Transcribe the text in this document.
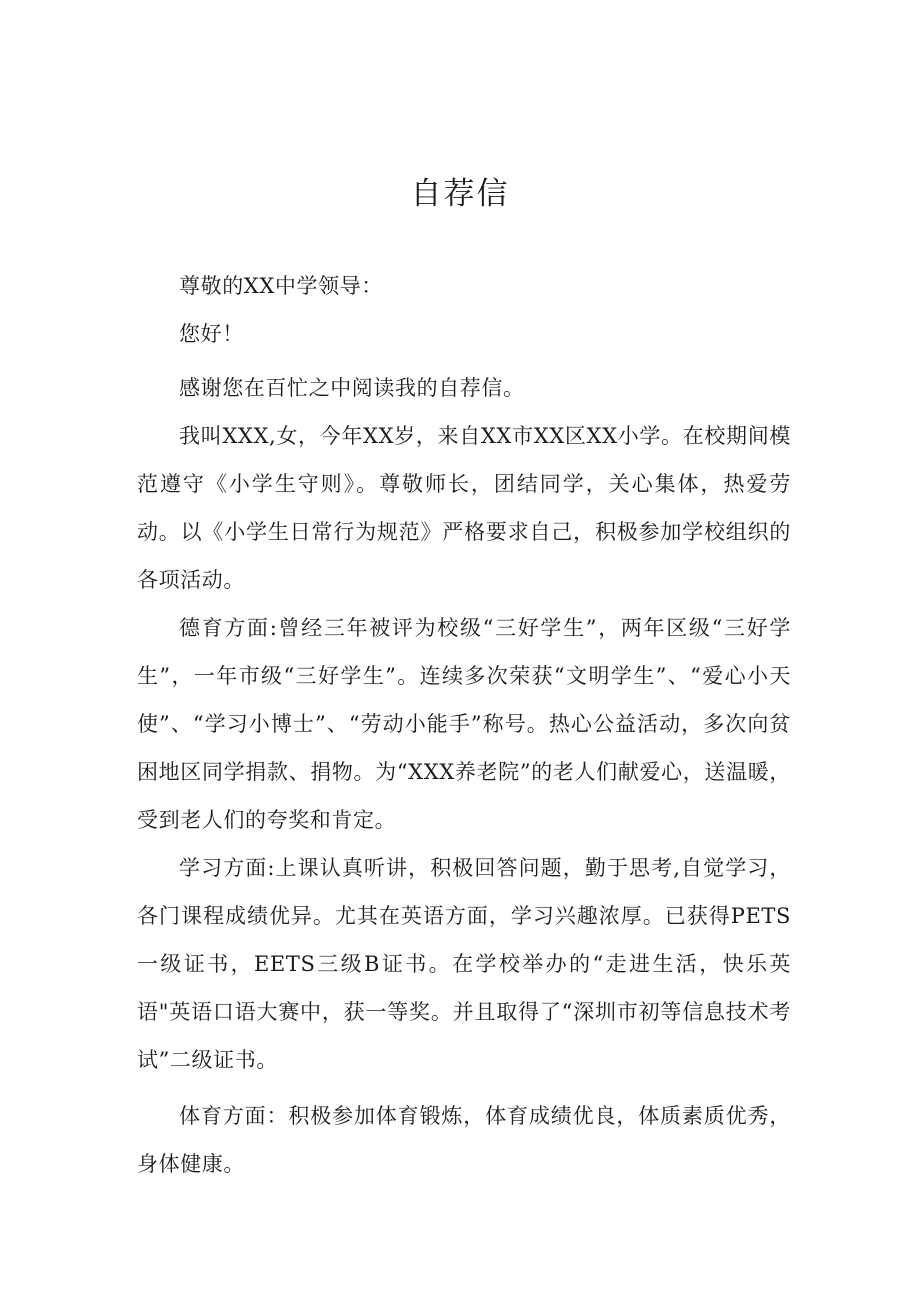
自荐信

尊敬的XX中学领导：

您好！

感谢您在百忙之中阅读我的自荐信。

我叫XXX,女，今年XX岁，来自XX市XX区XX小学。在校期间模范遵守《小学生守则》。尊敬师长，团结同学，关心集体，热爱劳动。以《小学生日常行为规范》严格要求自己，积极参加学校组织的各项活动。

德育方面:曾经三年被评为校级“三好学生”，两年区级“三好学生”，一年市级“三好学生”。连续多次荣获“文明学生”、“爱心小天使”、“学习小博士”、“劳动小能手”称号。热心公益活动，多次向贫困地区同学捐款、捐物。为“XXX养老院”的老人们献爱心，送温暖，受到老人们的夸奖和肯定。

学习方面:上课认真听讲，积极回答问题，勤于思考,自觉学习，各门课程成绩优异。尤其在英语方面，学习兴趣浓厚。已获得PETS一级证书，EETS三级B证书。在学校举办的“走进生活，快乐英语"英语口语大赛中，获一等奖。并且取得了“深圳市初等信息技术考试”二级证书。

体育方面：积极参加体育锻炼，体育成绩优良，体质素质优秀，身体健康。
